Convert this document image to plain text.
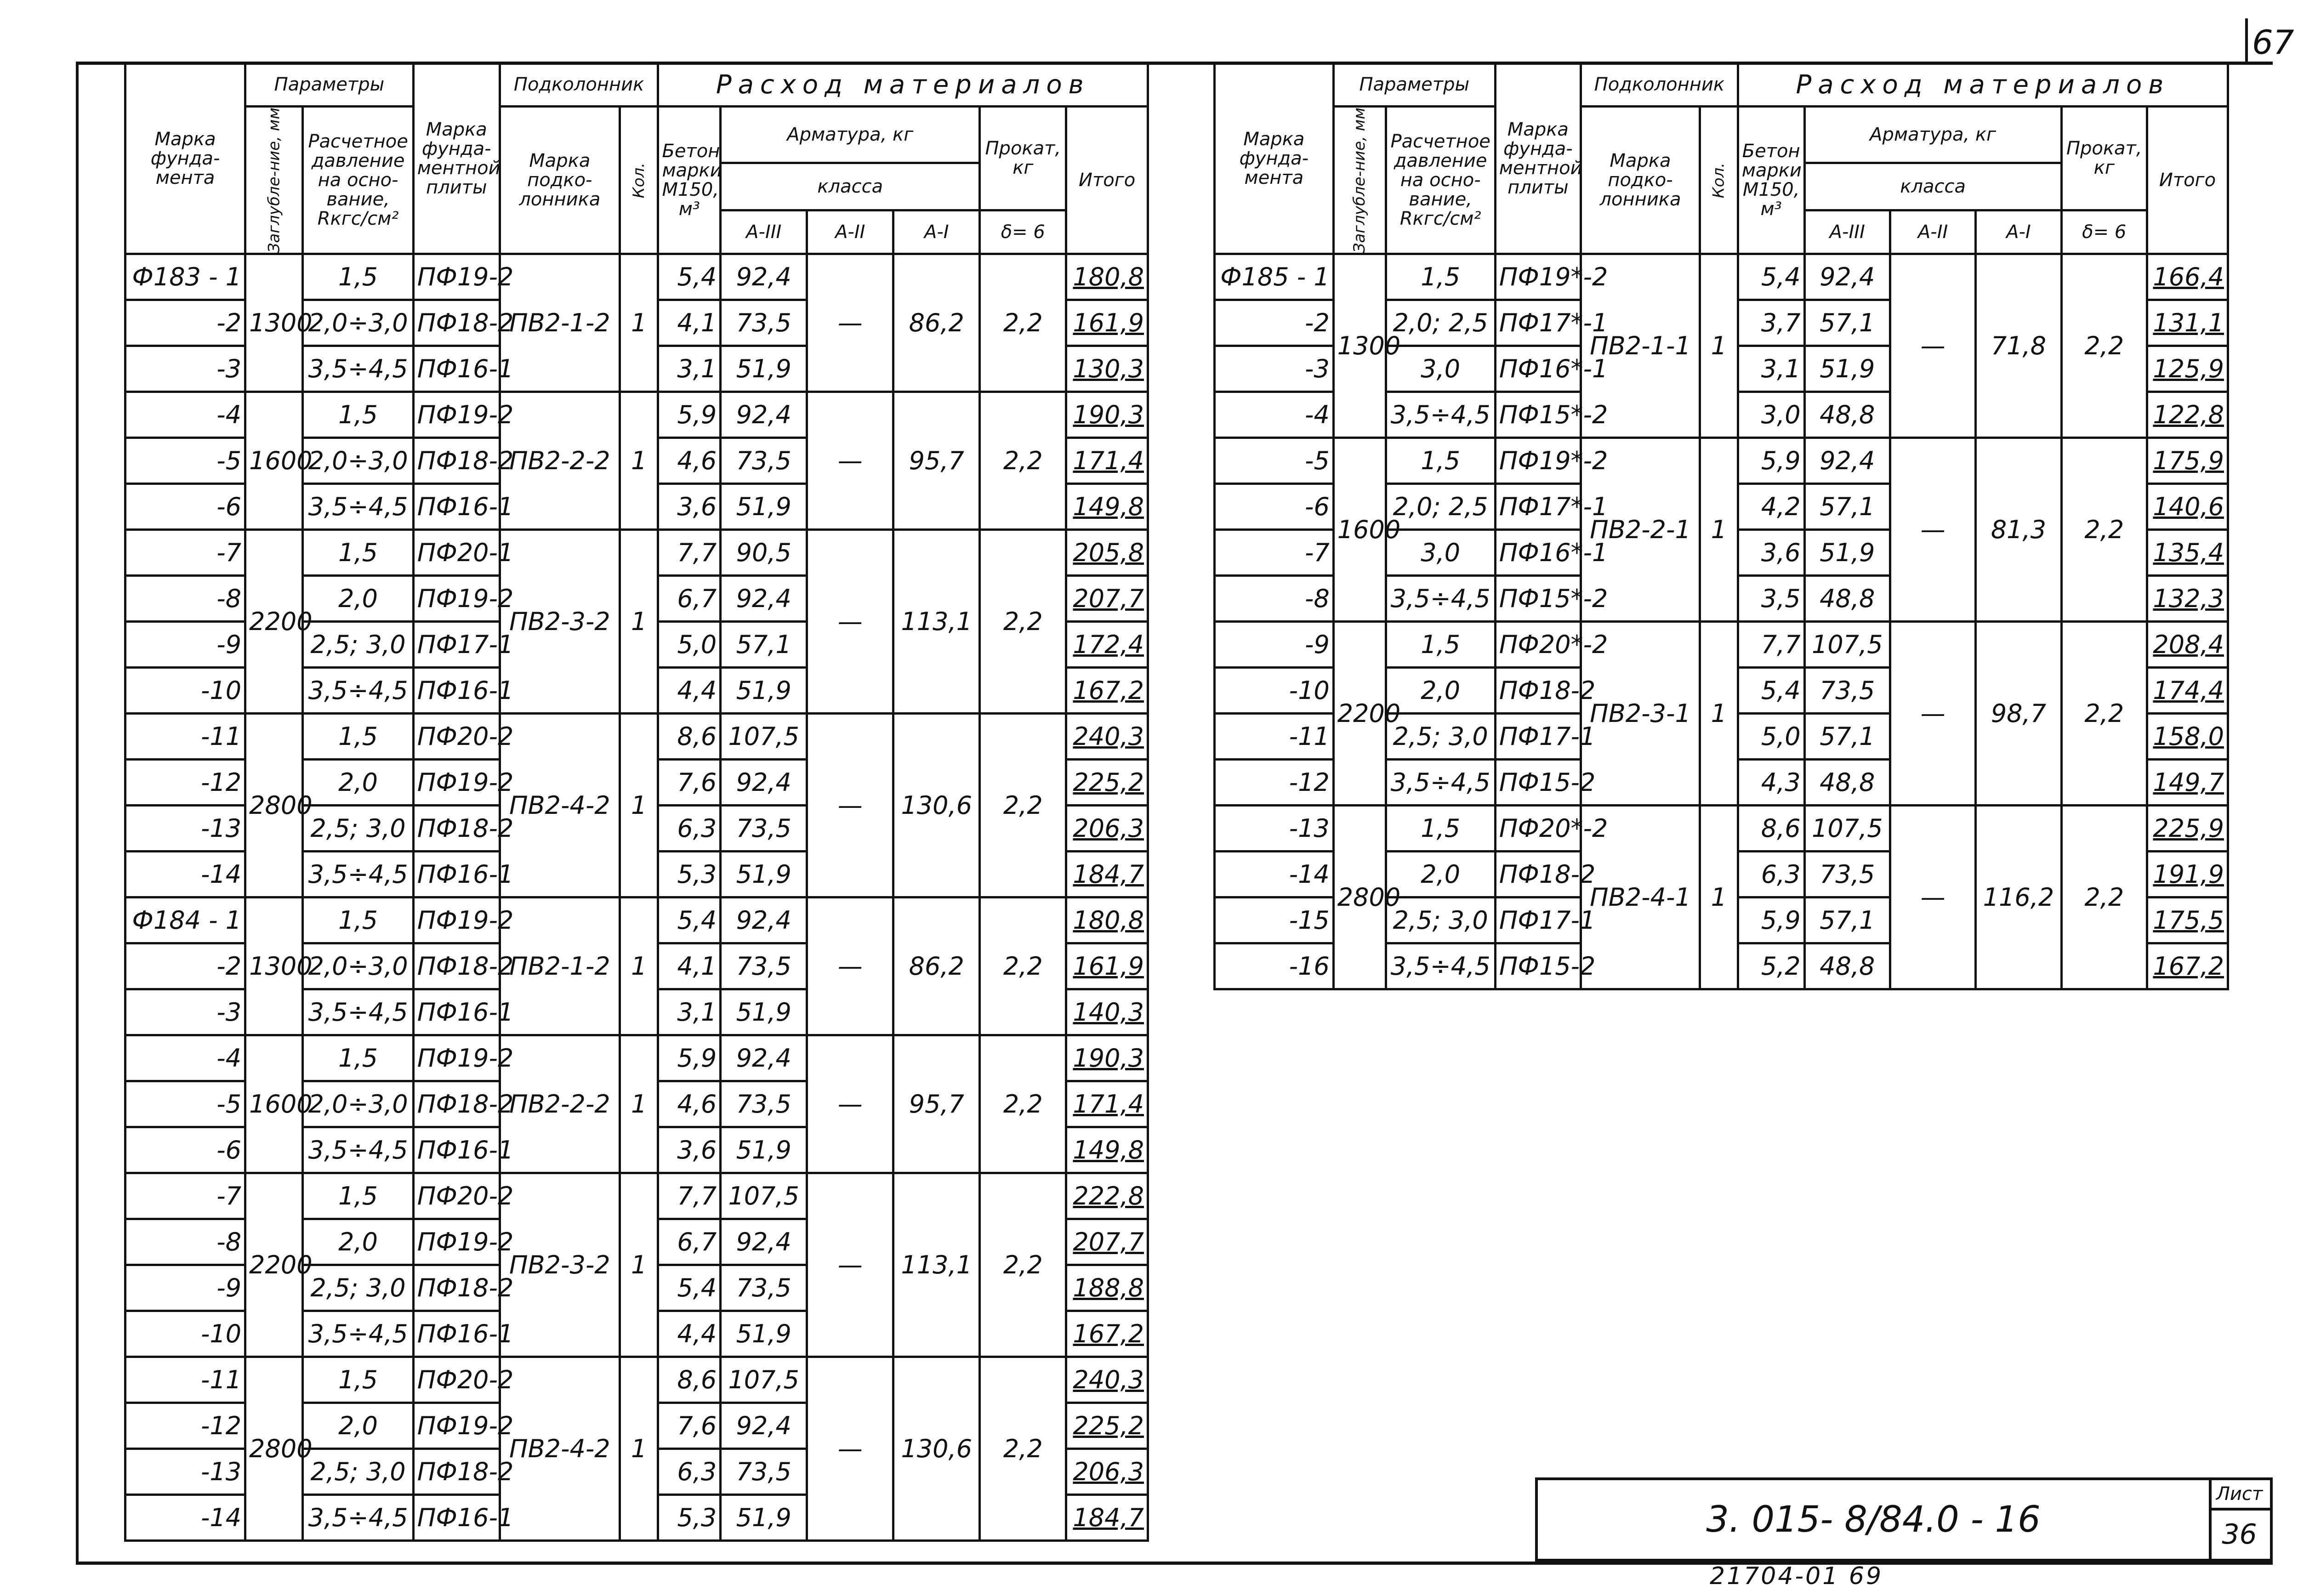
67
Марка фунда-мента	Параметры		Марка фунда-ментной плиты	Подколонник		Расход материалов					
	Заглубле-ние, мм	Расчетное давление на осно-вание, Rкгс/см²		Марка подко-лонника	Кол.	Бетон марки М150, м³	Арматура, кг			Прокат, кг	Итого
							класса				
							А-III	А-II	А-I	δ= 6	
Ф183 - 1	1300	1,5	ПФ19-2	ПВ2-1-2	1	5,4	92,4	—	86,2	2,2	180,8
-2		2,0÷3,0	ПФ18-2			4,1	73,5				161,9
-3		3,5÷4,5	ПФ16-1			3,1	51,9				130,3
-4	1600	1,5	ПФ19-2	ПВ2-2-2	1	5,9	92,4	—	95,7	2,2	190,3
-5		2,0÷3,0	ПФ18-2			4,6	73,5				171,4
-6		3,5÷4,5	ПФ16-1			3,6	51,9				149,8
-7	2200	1,5	ПФ20-1	ПВ2-3-2	1	7,7	90,5	—	113,1	2,2	205,8
-8		2,0	ПФ19-2			6,7	92,4				207,7
-9		2,5; 3,0	ПФ17-1			5,0	57,1				172,4
-10		3,5÷4,5	ПФ16-1			4,4	51,9				167,2
-11	2800	1,5	ПФ20-2	ПВ2-4-2	1	8,6	107,5	—	130,6	2,2	240,3
-12		2,0	ПФ19-2			7,6	92,4				225,2
-13		2,5; 3,0	ПФ18-2			6,3	73,5				206,3
-14		3,5÷4,5	ПФ16-1			5,3	51,9				184,7
Ф184 - 1	1300	1,5	ПФ19-2	ПВ2-1-2	1	5,4	92,4	—	86,2	2,2	180,8
-2		2,0÷3,0	ПФ18-2			4,1	73,5				161,9
-3		3,5÷4,5	ПФ16-1			3,1	51,9				140,3
-4	1600	1,5	ПФ19-2	ПВ2-2-2	1	5,9	92,4	—	95,7	2,2	190,3
-5		2,0÷3,0	ПФ18-2			4,6	73,5				171,4
-6		3,5÷4,5	ПФ16-1			3,6	51,9				149,8
-7	2200	1,5	ПФ20-2	ПВ2-3-2	1	7,7	107,5	—	113,1	2,2	222,8
-8		2,0	ПФ19-2			6,7	92,4				207,7
-9		2,5; 3,0	ПФ18-2			5,4	73,5				188,8
-10		3,5÷4,5	ПФ16-1			4,4	51,9				167,2
-11	2800	1,5	ПФ20-2	ПВ2-4-2	1	8,6	107,5	—	130,6	2,2	240,3
-12		2,0	ПФ19-2			7,6	92,4				225,2
-13		2,5; 3,0	ПФ18-2			6,3	73,5				206,3
-14		3,5÷4,5	ПФ16-1			5,3	51,9				184,7
Марка фунда-мента	Параметры		Марка фунда-ментной плиты	Подколонник		Расход материалов					
	Заглубле-ние, мм	Расчетное давление на осно-вание, Rкгс/см²		Марка подко-лонника	Кол.	Бетон марки М150, м³	Арматура, кг			Прокат, кг	Итого
							класса				
							А-III	А-II	А-I	δ= 6	
Ф185 - 1	1300	1,5	ПФ19*-2	ПВ2-1-1	1	5,4	92,4	—	71,8	2,2	166,4
-2		2,0; 2,5	ПФ17*-1			3,7	57,1				131,1
-3		3,0	ПФ16*-1			3,1	51,9				125,9
-4		3,5÷4,5	ПФ15*-2			3,0	48,8				122,8
-5	1600	1,5	ПФ19*-2	ПВ2-2-1	1	5,9	92,4	—	81,3	2,2	175,9
-6		2,0; 2,5	ПФ17*-1			4,2	57,1				140,6
-7		3,0	ПФ16*-1			3,6	51,9				135,4
-8		3,5÷4,5	ПФ15*-2			3,5	48,8				132,3
-9	2200	1,5	ПФ20*-2	ПВ2-3-1	1	7,7	107,5	—	98,7	2,2	208,4
-10		2,0	ПФ18-2			5,4	73,5				174,4
-11		2,5; 3,0	ПФ17-1			5,0	57,1				158,0
-12		3,5÷4,5	ПФ15-2			4,3	48,8				149,7
-13	2800	1,5	ПФ20*-2	ПВ2-4-1	1	8,6	107,5	—	116,2	2,2	225,9
-14		2,0	ПФ18-2			6,3	73,5				191,9
-15		2,5; 3,0	ПФ17-1			5,9	57,1				175,5
-16		3,5÷4,5	ПФ15-2			5,2	48,8				167,2
3. 015- 8/84.0 - 16
Лист
36
21704-01 69
